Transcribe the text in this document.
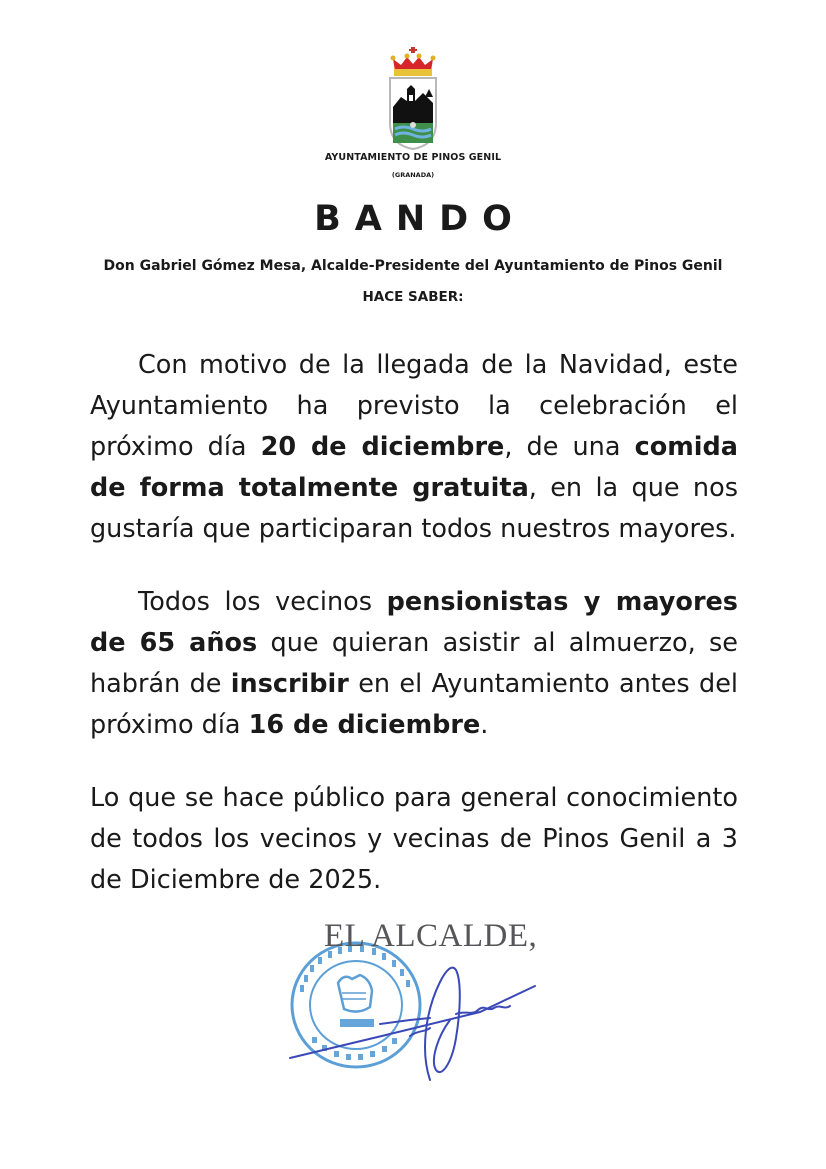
AYUNTAMIENTO DE PINOS GENIL
(GRANADA)
BANDO
Don Gabriel Gómez Mesa, Alcalde-Presidente del Ayuntamiento de Pinos Genil
HACE SABER:

Con motivo de la llegada de la Navidad, este Ayuntamiento ha previsto la celebración el próximo día 20 de diciembre, de una comida de forma totalmente gratuita, en la que nos gustaría que participaran todos nuestros mayores.

Todos los vecinos pensionistas y mayores de 65 años que quieran asistir al almuerzo, se habrán de inscribir en el Ayuntamiento antes del próximo día 16 de diciembre.

Lo que se hace público para general conocimiento de todos los vecinos y vecinas de Pinos Genil a 3 de Diciembre de 2025.

EL ALCALDE,
